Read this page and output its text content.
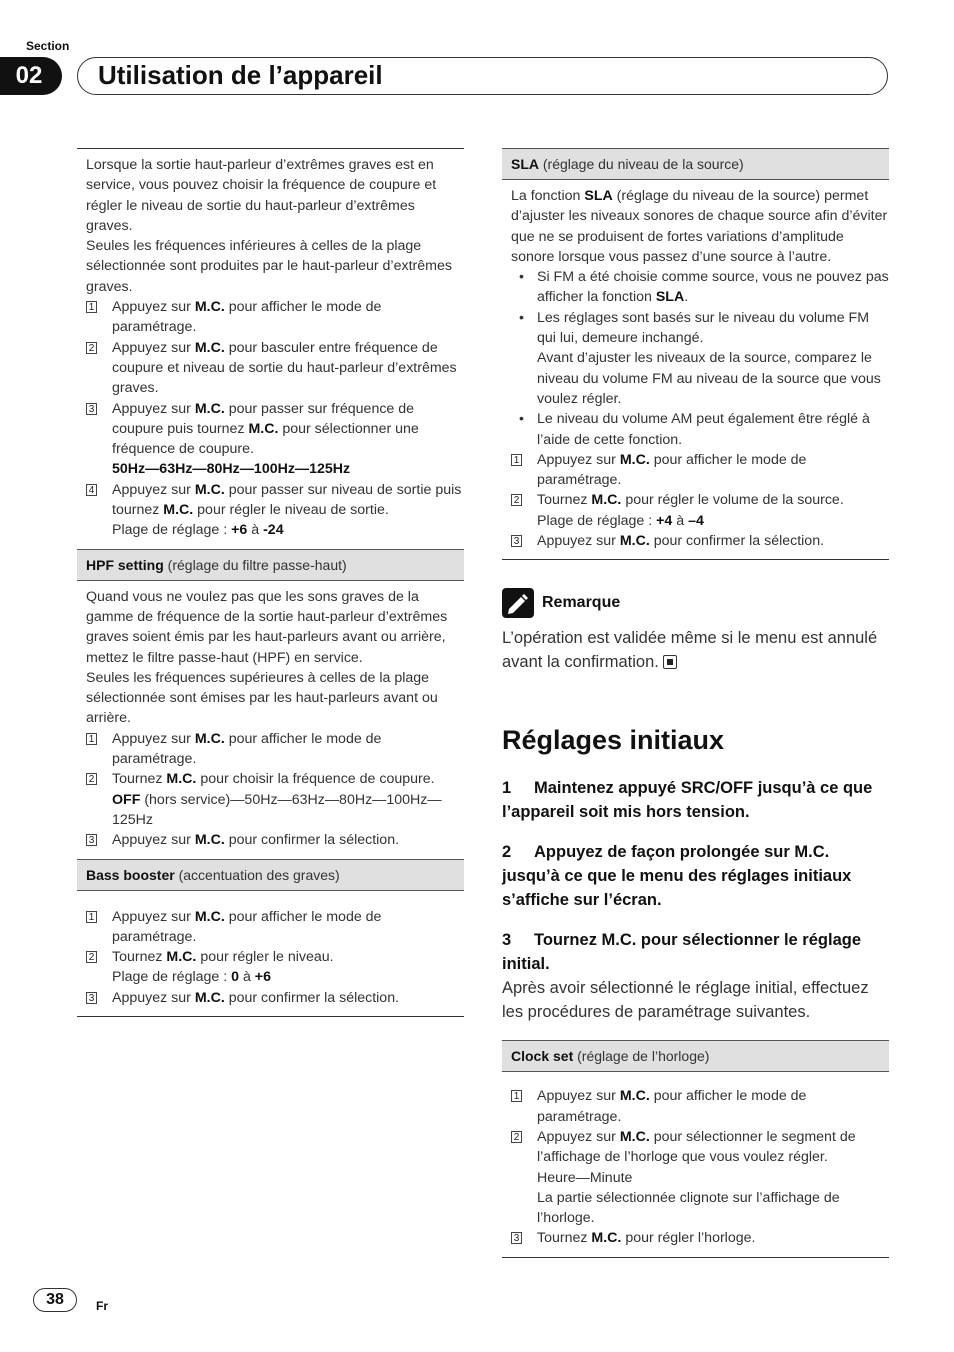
Section
02	Utilisation de l’appareil

Lorsque la sortie haut-parleur d’extrêmes graves est en service, vous pouvez choisir la fréquence de coupure et régler le niveau de sortie du haut-parleur d’extrêmes graves.

Seules les fréquences inférieures à celles de la plage sélectionnée sont produites par le haut-parleur d’extrêmes graves.

1 Appuyez sur M.C. pour afficher le mode de paramétrage.
2 Appuyez sur M.C. pour basculer entre fréquence de coupure et niveau de sortie du haut-parleur d’extrêmes graves.
3 Appuyez sur M.C. pour passer sur fréquence de coupure puis tournez M.C. pour sélectionner une fréquence de coupure.
50Hz—63Hz—80Hz—100Hz—125Hz
4 Appuyez sur M.C. pour passer sur niveau de sortie puis tournez M.C. pour régler le niveau de sortie.
Plage de réglage : +6 à -24
HPF setting (réglage du filtre passe-haut)

Quand vous ne voulez pas que les sons graves de la gamme de fréquence de la sortie haut-parleur d’extrêmes graves soient émis par les haut-parleurs avant ou arrière, mettez le filtre passe-haut (HPF) en service.

Seules les fréquences supérieures à celles de la plage sélectionnée sont émises par les haut-parleurs avant ou arrière.

1 Appuyez sur M.C. pour afficher le mode de paramétrage.
2 Tournez M.C. pour choisir la fréquence de coupure.
OFF (hors service)—50Hz—63Hz—80Hz—100Hz—125Hz
3 Appuyez sur M.C. pour confirmer la sélection.
Bass booster (accentuation des graves)
1 Appuyez sur M.C. pour afficher le mode de paramétrage.
2 Tournez M.C. pour régler le niveau.
Plage de réglage : 0 à +6
3 Appuyez sur M.C. pour confirmer la sélection.
SLA (réglage du niveau de la source)

La fonction SLA (réglage du niveau de la source) permet d’ajuster les niveaux sonores de chaque source afin d’éviter que ne se produisent de fortes variations d’amplitude sonore lorsque vous passez d’une source à l’autre.

• Si FM a été choisie comme source, vous ne pouvez pas afficher la fonction SLA.
• Les réglages sont basés sur le niveau du volume FM qui lui, demeure inchangé.
Avant d’ajuster les niveaux de la source, comparez le niveau du volume FM au niveau de la source que vous voulez régler.
• Le niveau du volume AM peut également être réglé à l’aide de cette fonction.
1 Appuyez sur M.C. pour afficher le mode de paramétrage.
2 Tournez M.C. pour régler le volume de la source.
Plage de réglage : +4 à –4
3 Appuyez sur M.C. pour confirmer la sélection.
Remarque
L’opération est validée même si le menu est annulé avant la confirmation.
Réglages initiaux
1 Maintenez appuyé SRC/OFF jusqu’à ce que l’appareil soit mis hors tension.
2 Appuyez de façon prolongée sur M.C. jusqu’à ce que le menu des réglages initiaux s’affiche sur l’écran.
3 Tournez M.C. pour sélectionner le réglage initial.
Après avoir sélectionné le réglage initial, effectuez les procédures de paramétrage suivantes.
Clock set (réglage de l’horloge)
1 Appuyez sur M.C. pour afficher le mode de paramétrage.
2 Appuyez sur M.C. pour sélectionner le segment de l’affichage de l’horloge que vous voulez régler.
Heure—Minute
La partie sélectionnée clignote sur l’affichage de l’horloge.
3 Tournez M.C. pour régler l’horloge.
38	Fr
